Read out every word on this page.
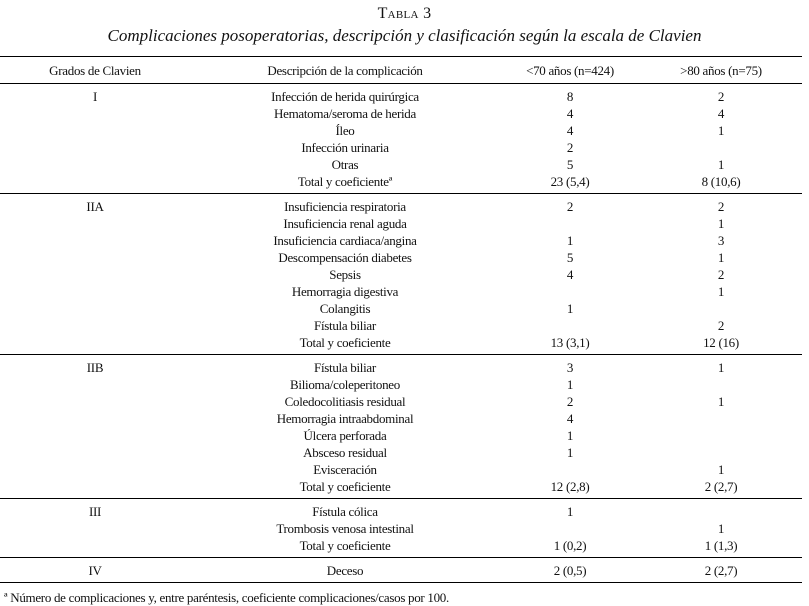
Tabla 3
Complicaciones posoperatorias, descripción y clasificación según la escala de Clavien
Grados de Clavien	Descripción de la complicación	<70 años (n=424)	>80 años (n=75)
I	Infección de herida quirúrgica	8	2
	Hematoma/seroma de herida	4	4
	Íleo	4	1
	Infección urinaria	2	
	Otras	5	1
	Total y coeficienteª	23 (5,4)	8 (10,6)
IIA	Insuficiencia respiratoria	2	2
	Insuficiencia renal aguda		1
	Insuficiencia cardiaca/angina	1	3
	Descompensación diabetes	5	1
	Sepsis	4	2
	Hemorragia digestiva		1
	Colangitis	1	
	Fístula biliar		2
	Total y coeficiente	13 (3,1)	12 (16)
IIB	Fístula biliar	3	1
	Bilioma/coleperitoneo	1	
	Coledocolitiasis residual	2	1
	Hemorragia intraabdominal	4	
	Úlcera perforada	1	
	Absceso residual	1	
	Evisceración		1
	Total y coeficiente	12 (2,8)	2 (2,7)
III	Fístula cólica	1	
	Trombosis venosa intestinal		1
	Total y coeficiente	1 (0,2)	1 (1,3)
IV	Deceso	2 (0,5)	2 (2,7)
ª Número de complicaciones y, entre paréntesis, coeficiente complicaciones/casos por 100.
